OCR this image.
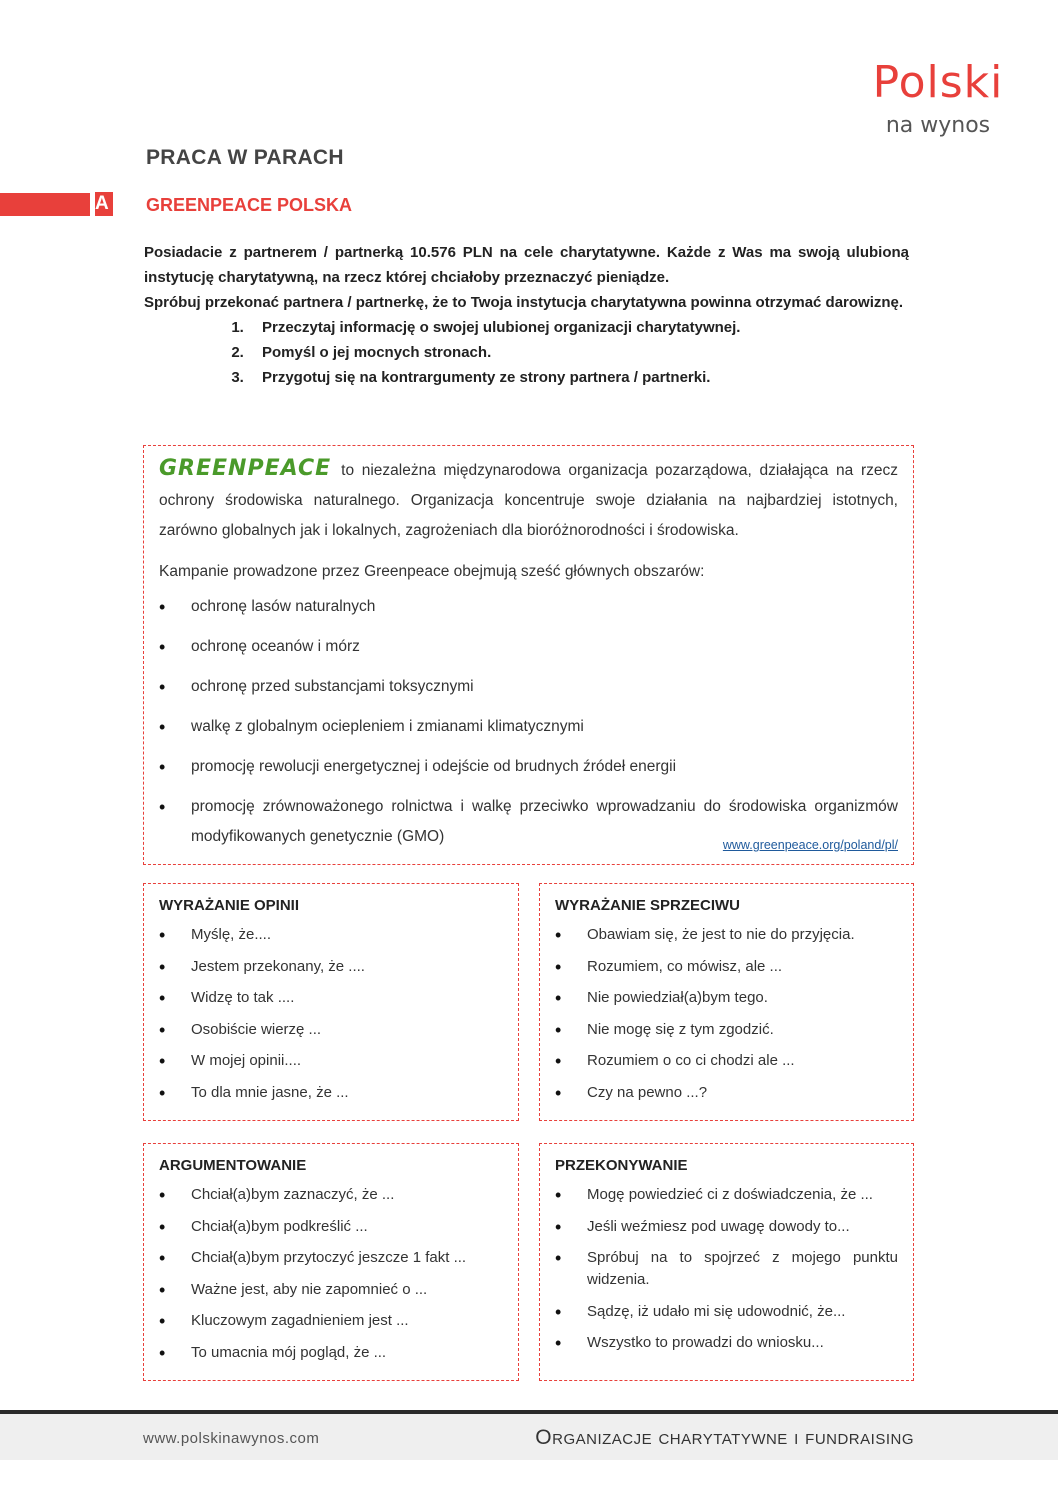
Polski
na wynos
PRACA W PARACH
A GREENPEACE POLSKA

Posiadacie z partnerem / partnerką 10.576 PLN na cele charytatywne. Każde z Was ma swoją ulubioną instytucję charytatywną, na rzecz której chciałoby przeznaczyć pieniądze.

Spróbuj przekonać partnera / partnerkę, że to Twoja instytucja charytatywna powinna otrzymać darowiznę.

1. Przeczytaj informację o swojej ulubionej organizacji charytatywnej.
2. Pomyśl o jej mocnych stronach.
3. Przygotuj się na kontrargumenty ze strony partnera / partnerki.

GREENPEACE to niezależna międzynarodowa organizacja pozarządowa, działająca na rzecz ochrony środowiska naturalnego. Organizacja koncentruje swoje działania na najbardziej istotnych, zarówno globalnych jak i lokalnych, zagrożeniach dla bioróżnorodności i środowiska.

Kampanie prowadzone przez Greenpeace obejmują sześć głównych obszarów:
• ochronę lasów naturalnych
• ochronę oceanów i mórz
• ochronę przed substancjami toksycznymi
• walkę z globalnym ociepleniem i zmianami klimatycznymi
• promocję rewolucji energetycznej i odejście od brudnych źródeł energii
• promocję zrównoważonego rolnictwa i walkę przeciwko wprowadzaniu do środowiska organizmów modyfikowanych genetycznie (GMO)	www.greenpeace.org/poland/pl/
WYRAŻANIE OPINII
• Myślę, że....
• Jestem przekonany, że ....
• Widzę to tak ....
• Osobiście wierzę ...
• W mojej opinii....
• To dla mnie jasne, że ...
WYRAŻANIE SPRZECIWU
• Obawiam się, że jest to nie do przyjęcia.
• Rozumiem, co mówisz, ale ...
• Nie powiedział(a)bym tego.
• Nie mogę się z tym zgodzić.
• Rozumiem o co ci chodzi ale ...
• Czy na pewno ...?
ARGUMENTOWANIE
• Chciał(a)bym zaznaczyć, że ...
• Chciał(a)bym podkreślić ...
• Chciał(a)bym przytoczyć jeszcze 1 fakt ...
• Ważne jest, aby nie zapomnieć o ...
• Kluczowym zagadnieniem jest ...
• To umacnia mój pogląd, że ...
PRZEKONYWANIE
• Mogę powiedzieć ci z doświadczenia, że ...
• Jeśli weźmiesz pod uwagę dowody to...
• Spróbuj na to spojrzeć z mojego punktu widzenia.
• Sądzę, iż udało mi się udowodnić, że...
• Wszystko to prowadzi do wniosku...
www.polskinawynos.com	Organizacje charytatywne i fundraising
